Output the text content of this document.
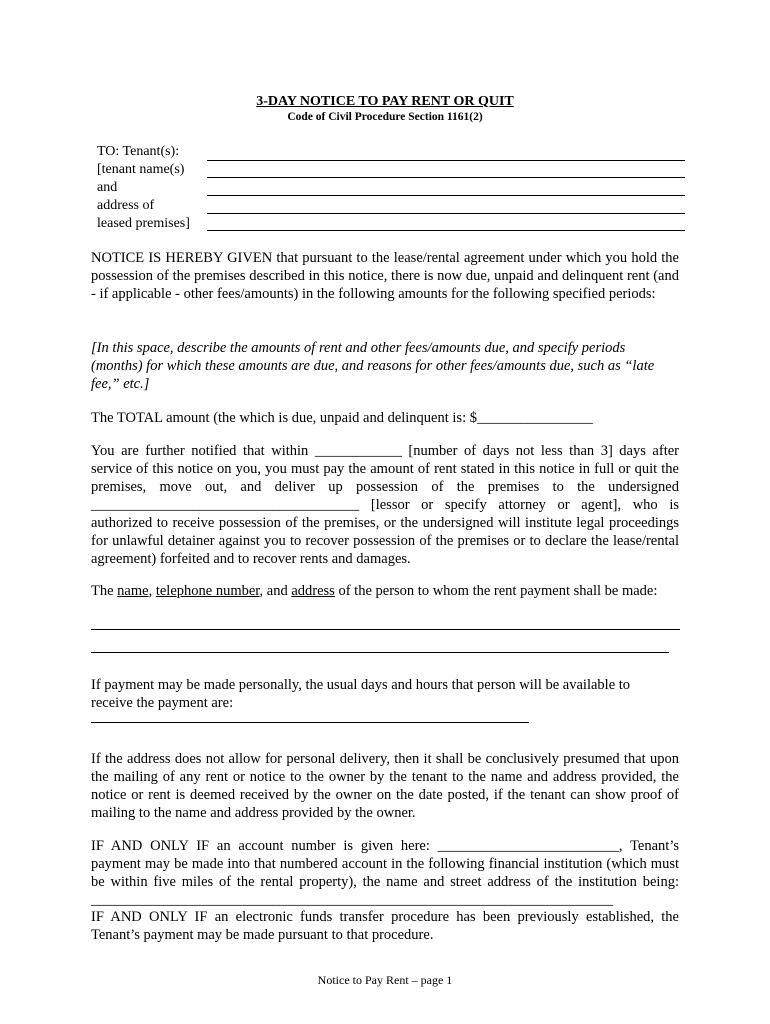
3-DAY NOTICE TO PAY RENT OR QUIT
Code of Civil Procedure Section 1161(2)
TO: Tenant(s):
[tenant name(s)
and
address of
leased premises]

NOTICE IS HEREBY GIVEN that pursuant to the lease/rental agreement under which you hold the possession of the premises described in this notice, there is now due, unpaid and delinquent rent (and - if applicable - other fees/amounts) in the following amounts for the following specified periods:

[In this space, describe the amounts of rent and other fees/amounts due, and specify periods (months) for which these amounts are due, and reasons for other fees/amounts due, such as “late fee,” etc.]

The TOTAL amount (the which is due, unpaid and delinquent is: $________________

You are further notified that within ____________ [number of days not less than 3] days after service of this notice on you, you must pay the amount of rent stated in this notice in full or quit the premises, move out, and deliver up possession of the premises to the undersigned _____________________________________ [lessor or specify attorney or agent], who is authorized to receive possession of the premises, or the undersigned will institute legal proceedings for unlawful detainer against you to recover possession of the premises or to declare the lease/rental agreement) forfeited and to recover rents and damages.

The name, telephone number, and address of the person to whom the rent payment shall be made:

If payment may be made personally, the usual days and hours that person will be available to receive the payment are:

If the address does not allow for personal delivery, then it shall be conclusively presumed that upon the mailing of any rent or notice to the owner by the tenant to the name and address provided, the notice or rent is deemed received by the owner on the date posted, if the tenant can show proof of mailing to the name and address provided by the owner.

IF AND ONLY IF an account number is given here: _________________________, Tenant’s payment may be made into that numbered account in the following financial institution (which must be within five miles of the rental property), the name and street address of the institution being: ________________________________________________________________________

IF AND ONLY IF an electronic funds transfer procedure has been previously established, the Tenant’s payment may be made pursuant to that procedure.

Notice to Pay Rent – page 1
